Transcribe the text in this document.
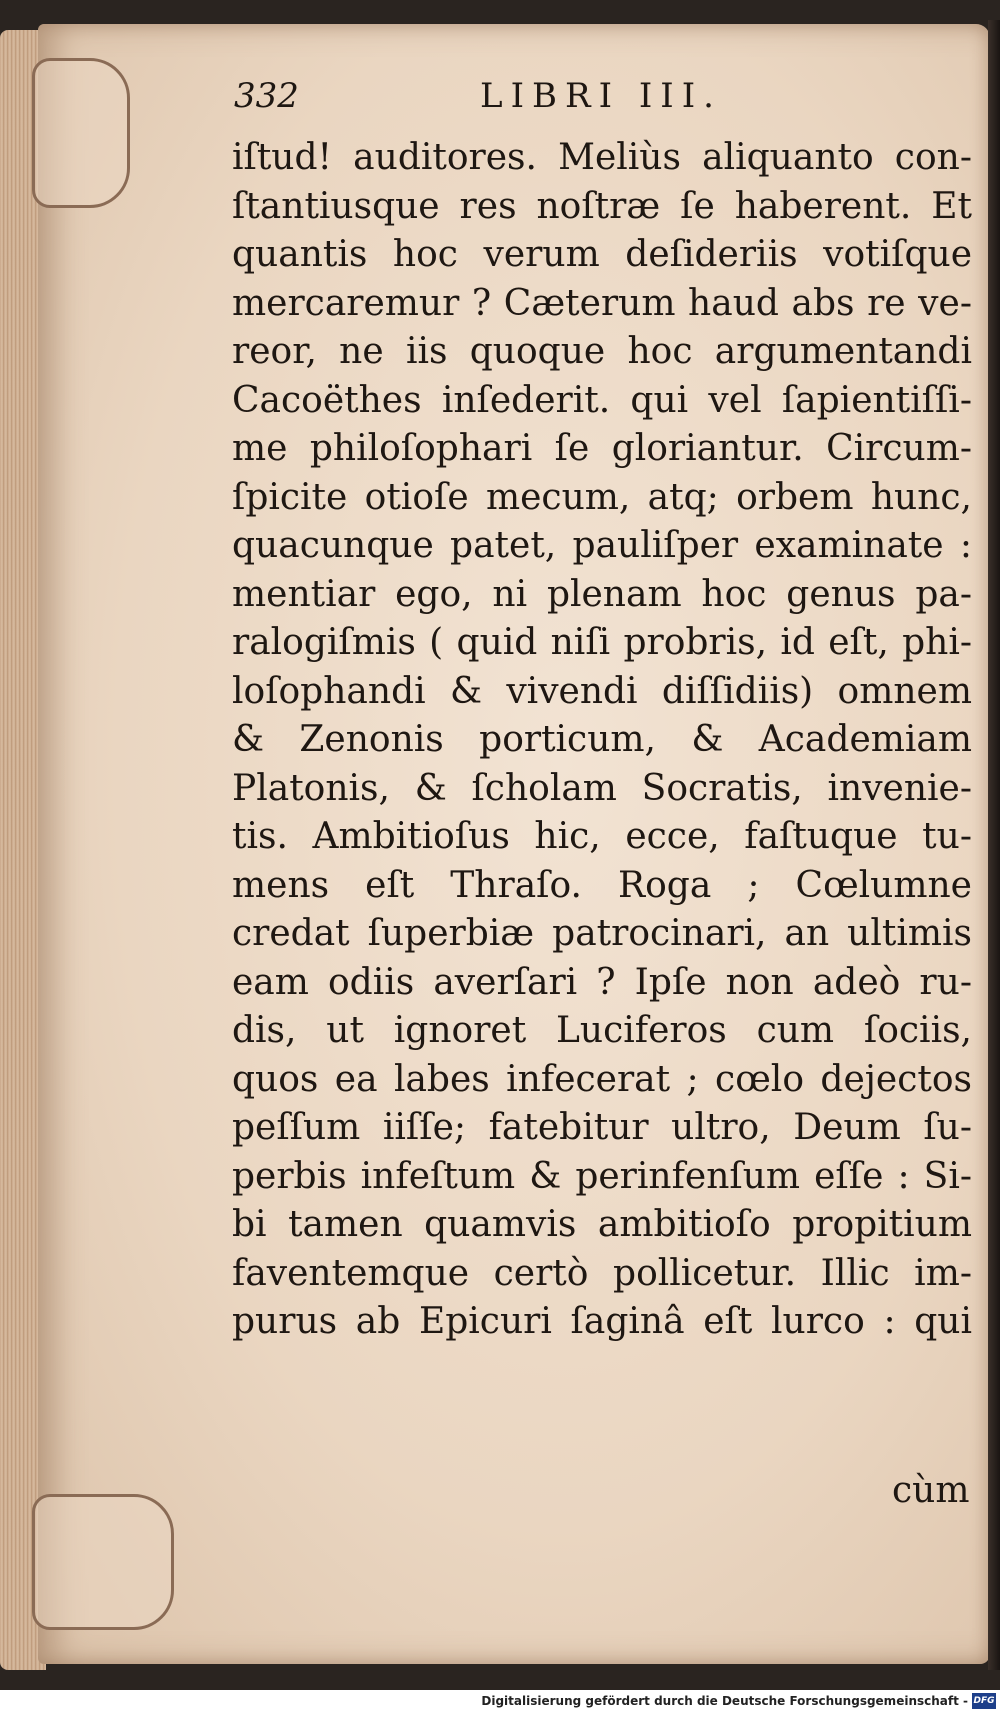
332	LIBRI III.
iſtud! auditores. Meliùs aliquanto con-
ſtantiusque res noſtræ ſe haberent. Et
quantis hoc verum deſideriis votiſque
mercaremur ? Cæterum haud abs re ve-
reor, ne iis quoque hoc argumentandi
Cacoëthes inſederit. qui vel ſapientiſſi-
me philoſophari ſe gloriantur. Circum-
ſpicite otioſe mecum, atq; orbem hunc,
quacunque patet, pauliſper examinate :
mentiar ego, ni plenam hoc genus pa-
ralogiſmis ( quid niſi probris, id eſt, phi-
loſophandi & vivendi diſſidiis) omnem
& Zenonis porticum, & Academiam
Platonis, & ſcholam Socratis, invenie-
tis. Ambitioſus hic, ecce, faſtuque tu-
mens eſt Thraſo. Roga ; Cœlumne
credat ſuperbiæ patrocinari, an ultimis
eam odiis averſari ? Ipſe non adeò ru-
dis, ut ignoret Luciferos cum ſociis,
quos ea labes infecerat ; cœlo dejectos
peſſum iiſſe; fatebitur ultro, Deum ſu-
perbis infeſtum & perinfenſum eſſe : Si-
bi tamen quamvis ambitioſo propitium
faventemque certò pollicetur. Illic im-
purus ab Epicuri ſaginâ eſt lurco : qui
cùm
Digitalisierung gefördert durch die Deutsche Forschungsgemeinschaft - DFG
